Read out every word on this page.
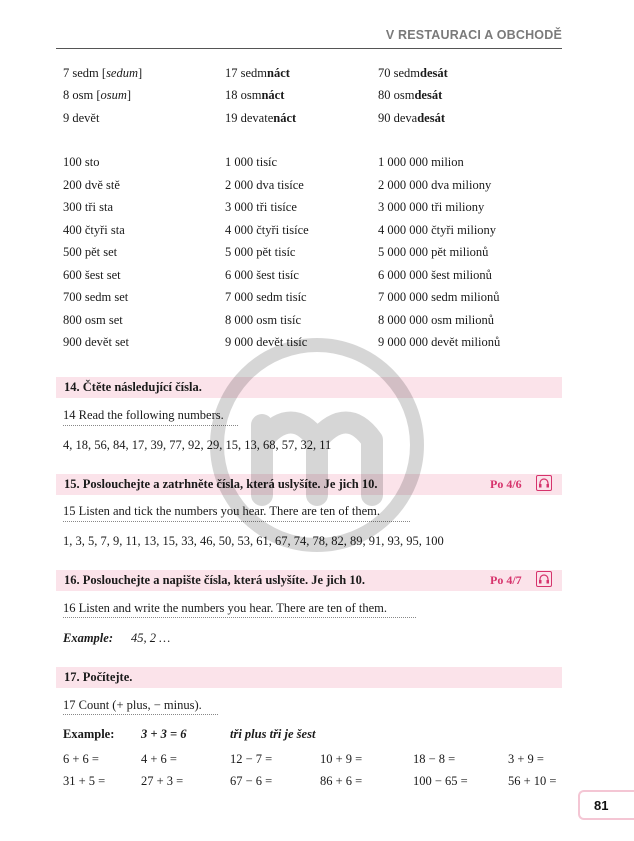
V RESTAURACI A OBCHODĚ
7 sedm [sedum]	17 sedmnáct	70 sedmdesát
8 osm [osum]	18 osmnáct	80 osmdesát
9 devět	19 devatenáct	90 devadesát
100 sto	1 000 tisíc	1 000 000 milion
200 dvě stě	2 000 dva tisíce	2 000 000 dva miliony
300 tři sta	3 000 tři tisíce	3 000 000 tři miliony
400 čtyři sta	4 000 čtyři tisíce	4 000 000 čtyři miliony
500 pět set	5 000 pět tisíc	5 000 000 pět milionů
600 šest set	6 000 šest tisíc	6 000 000 šest milionů
700 sedm set	7 000 sedm tisíc	7 000 000 sedm milionů
800 osm set	8 000 osm tisíc	8 000 000 osm milionů
900 devět set	9 000 devět tisíc	9 000 000 devět milionů
14. Čtěte následující čísla.
14 Read the following numbers.
4, 18, 56, 84, 17, 39, 77, 92, 29, 15, 13, 68, 57, 32, 11
15. Poslouchejte a zatrhněte čísla, která uslyšíte. Je jich 10.	Po 4/6
15 Listen and tick the numbers you hear. There are ten of them.
1, 3, 5, 7, 9, 11, 13, 15, 33, 46, 50, 53, 61, 67, 74, 78, 82, 89, 91, 93, 95, 100
16. Poslouchejte a napište čísla, která uslyšíte. Je jich 10.	Po 4/7
16 Listen and write the numbers you hear. There are ten of them.
Example: 45, 2 …
17. Počítejte.
17 Count (+ plus, − minus).
Example: 3 + 3 = 6	tři plus tři je šest
6 + 6 =	4 + 6 =	12 − 7 =	10 + 9 =	18 − 8 =	3 + 9 =
31 + 5 =	27 + 3 =	67 − 6 =	86 + 6 =	100 − 65 =	56 + 10 =
81
